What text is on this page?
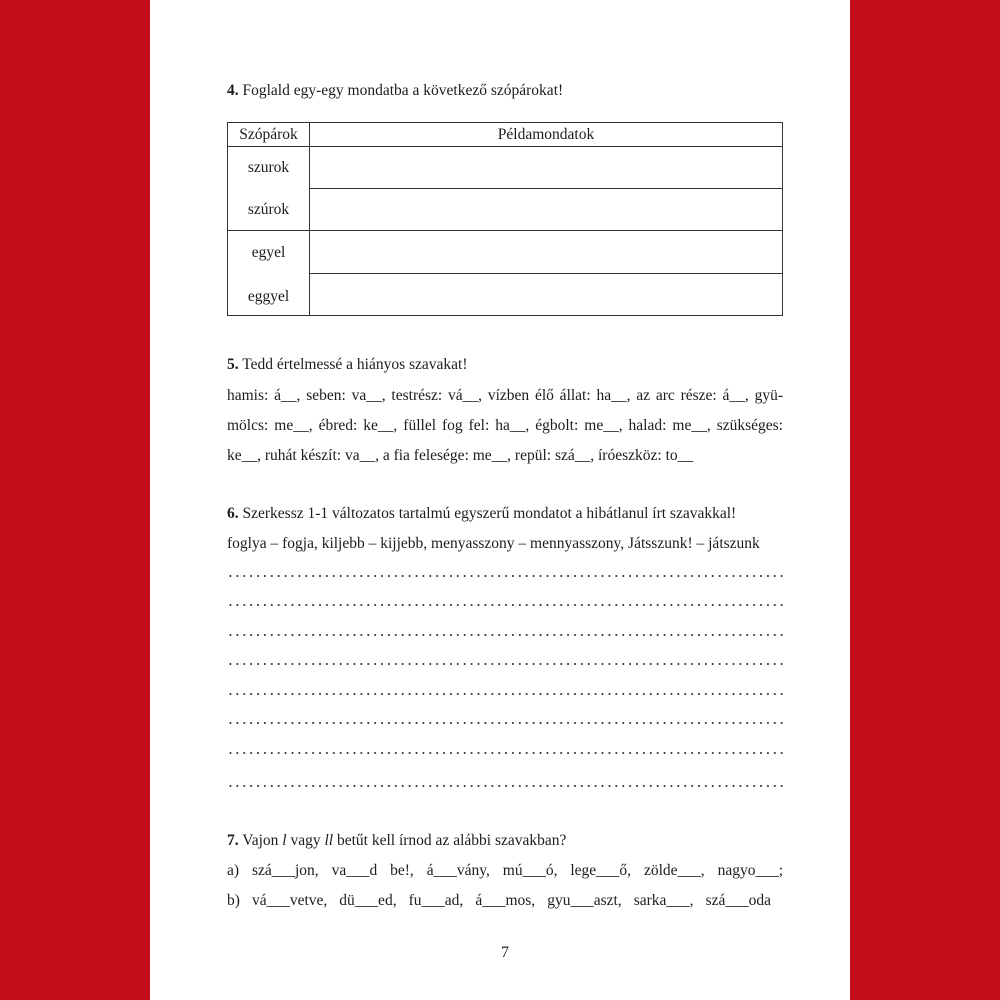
4. Foglald egy-egy mondatba a következő szópárokat!
Szópárok	Példamondatok
szurok
szúrok
egyel
eggyel
5. Tedd értelmessé a hiányos szavakat!
hamis: á__, seben: va__, testrész: vá__, vízben élő állat: ha__, az arc része: á__, gyü-
mölcs: me__, ébred: ke__, füllel fog fel: ha__, égbolt: me__, halad: me__, szükséges:
ke__, ruhát készít: va__, a fia felesége: me__, repül: szá__, íróeszköz: to__
6. Szerkessz 1-1 változatos tartalmú egyszerű mondatot a hibátlanul írt szavakkal!
foglya – fogja, kiljebb – kijjebb, menyasszony – mennyasszony, Játsszunk! – játszunk
7. Vajon l vagy ll betűt kell írnod az alábbi szavakban?
a) szá___jon, va___d be!, á___vány, mú___ó, lege___ő, zölde___, nagyo___;
b) vá___vetve, dü___ed, fu___ad, á___mos, gyu___aszt, sarka___, szá___oda
7
